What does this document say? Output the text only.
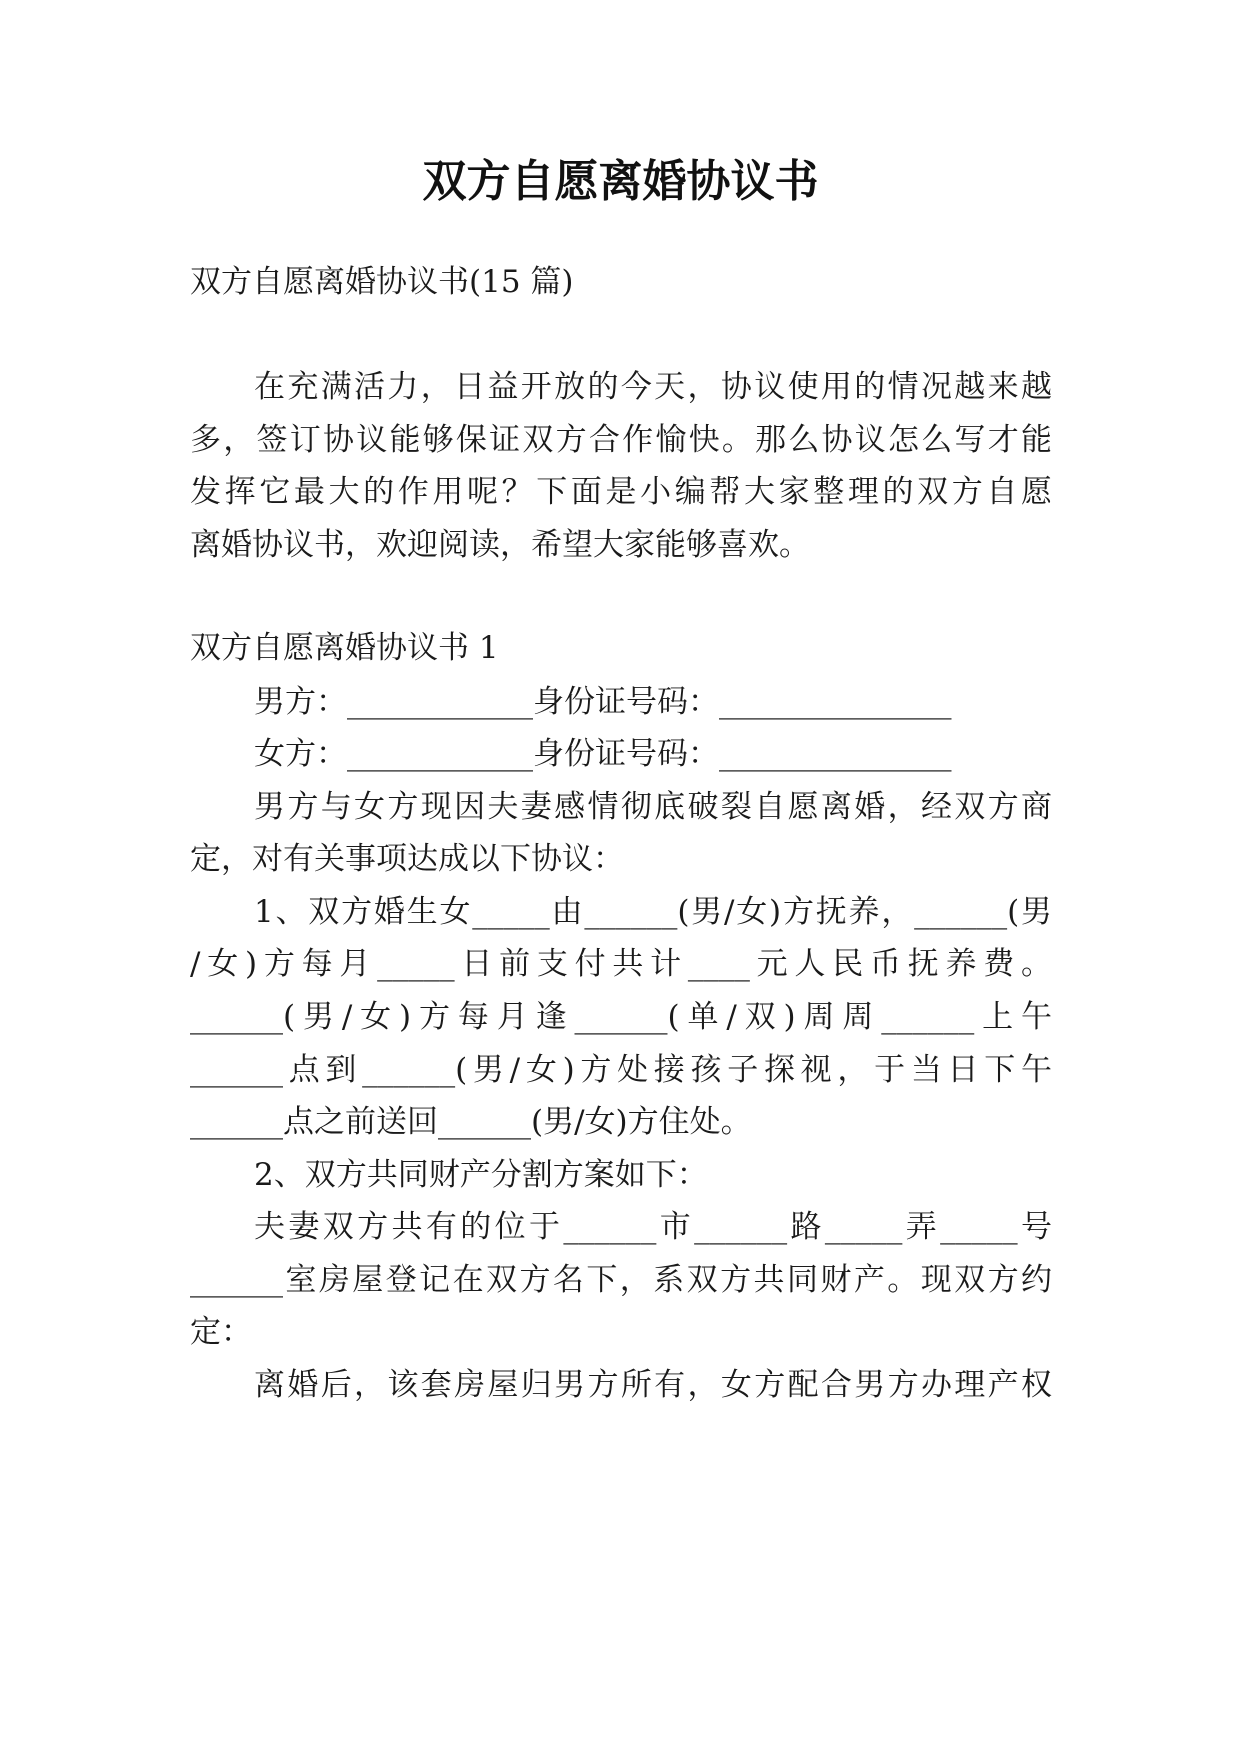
双方自愿离婚协议书
双方自愿离婚协议书(15 篇)
在充满活力，日益开放的今天，协议使用的情况越来越
多，签订协议能够保证双方合作愉快。那么协议怎么写才能
发挥它最大的作用呢？下面是小编帮大家整理的双方自愿
离婚协议书，欢迎阅读，希望大家能够喜欢。
双方自愿离婚协议书 1
男方：____________身份证号码：_______________
女方：____________身份证号码：_______________
男方与女方现因夫妻感情彻底破裂自愿离婚，经双方商
定，对有关事项达成以下协议：
1、双方婚生女_____由______(男/女)方抚养，______(男
/女)方每月_____日前支付共计____元人民币抚养费。
______(男/女)方每月逢______(单/双)周周______上午
______点到______(男/女)方处接孩子探视，于当日下午
______点之前送回______(男/女)方住处。
2、双方共同财产分割方案如下：
夫妻双方共有的位于______市______路_____弄_____号
______室房屋登记在双方名下，系双方共同财产。现双方约
定：
离婚后，该套房屋归男方所有，女方配合男方办理产权
